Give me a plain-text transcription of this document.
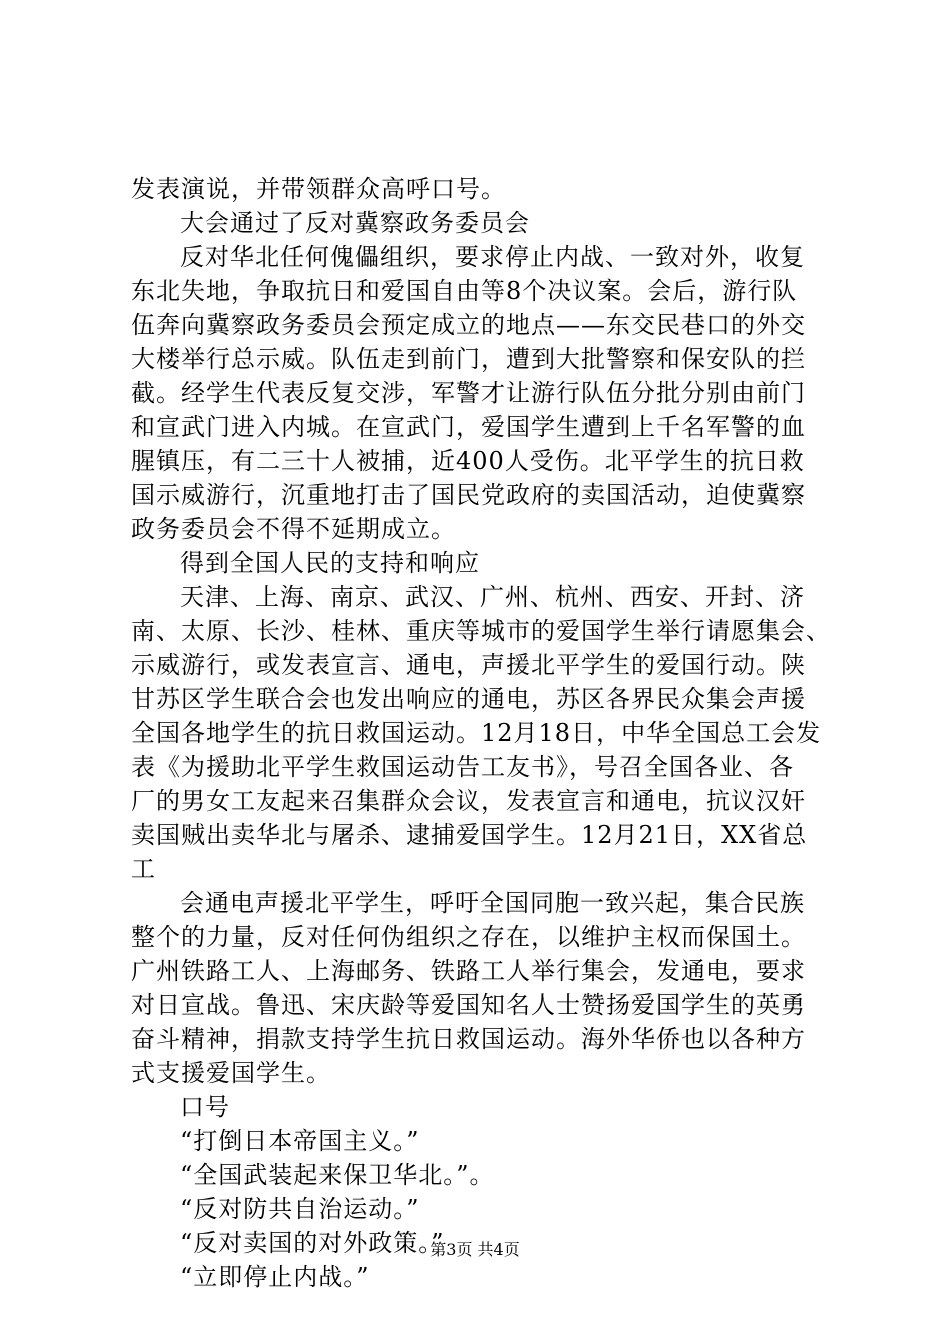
发表演说，并带领群众高呼口号。
大会通过了反对冀察政务委员会
反对华北任何傀儡组织，要求停止内战、一致对外，收复
东北失地，争取抗日和爱国自由等8个决议案。会后，游行队
伍奔向冀察政务委员会预定成立的地点——东交民巷口的外交
大楼举行总示威。队伍走到前门，遭到大批警察和保安队的拦
截。经学生代表反复交涉，军警才让游行队伍分批分别由前门
和宣武门进入内城。在宣武门，爱国学生遭到上千名军警的血
腥镇压，有二三十人被捕，近400人受伤。北平学生的抗日救
国示威游行，沉重地打击了国民党政府的卖国活动，迫使冀察
政务委员会不得不延期成立。
得到全国人民的支持和响应
天津、上海、南京、武汉、广州、杭州、西安、开封、济
南、太原、长沙、桂林、重庆等城市的爱国学生举行请愿集会、
示威游行，或发表宣言、通电，声援北平学生的爱国行动。陕
甘苏区学生联合会也发出响应的通电，苏区各界民众集会声援
全国各地学生的抗日救国运动。12月18日，中华全国总工会发
表《为援助北平学生救国运动告工友书》，号召全国各业、各
厂的男女工友起来召集群众会议，发表宣言和通电，抗议汉奸
卖国贼出卖华北与屠杀、逮捕爱国学生。12月21日，XX省总
工
会通电声援北平学生，呼吁全国同胞一致兴起，集合民族
整个的力量，反对任何伪组织之存在，以维护主权而保国土。
广州铁路工人、上海邮务、铁路工人举行集会，发通电，要求
对日宣战。鲁迅、宋庆龄等爱国知名人士赞扬爱国学生的英勇
奋斗精神，捐款支持学生抗日救国运动。海外华侨也以各种方
式支援爱国学生。
口号
“打倒日本帝国主义。”
“全国武装起来保卫华北。”。
“反对防共自治运动。”
“反对卖国的对外政策。”
“立即停止内战。”
第3页 共4页
